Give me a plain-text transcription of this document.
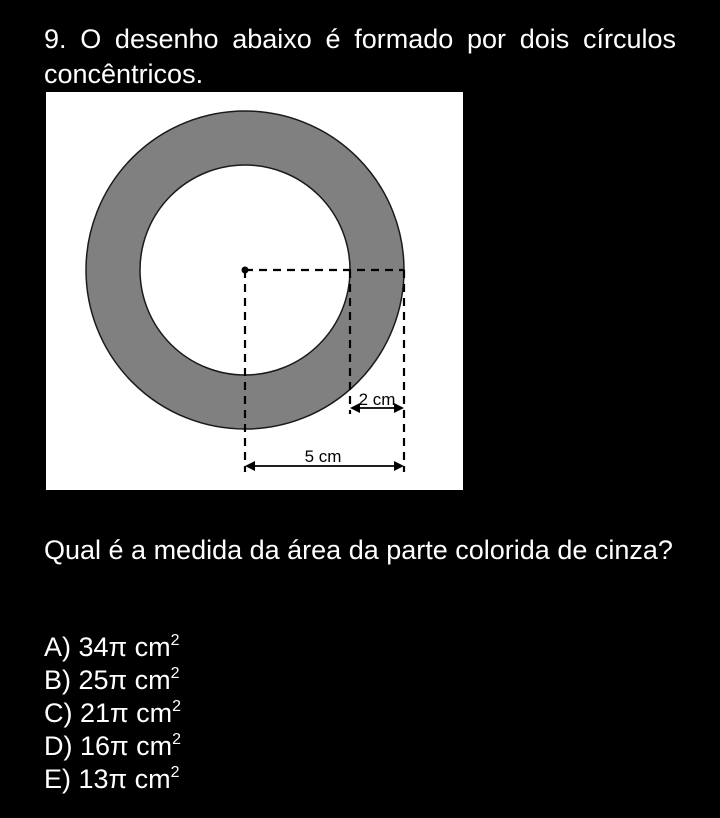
9. O desenho abaixo é formado por dois círculos concêntricos.

2 cm
5 cm

Qual é a medida da área da parte colorida de cinza?

A) 34π $cm^2$
B) 25π $cm^2$
C) 21π $cm^2$
D) 16π $cm^2$
E) 13π $cm^2$
